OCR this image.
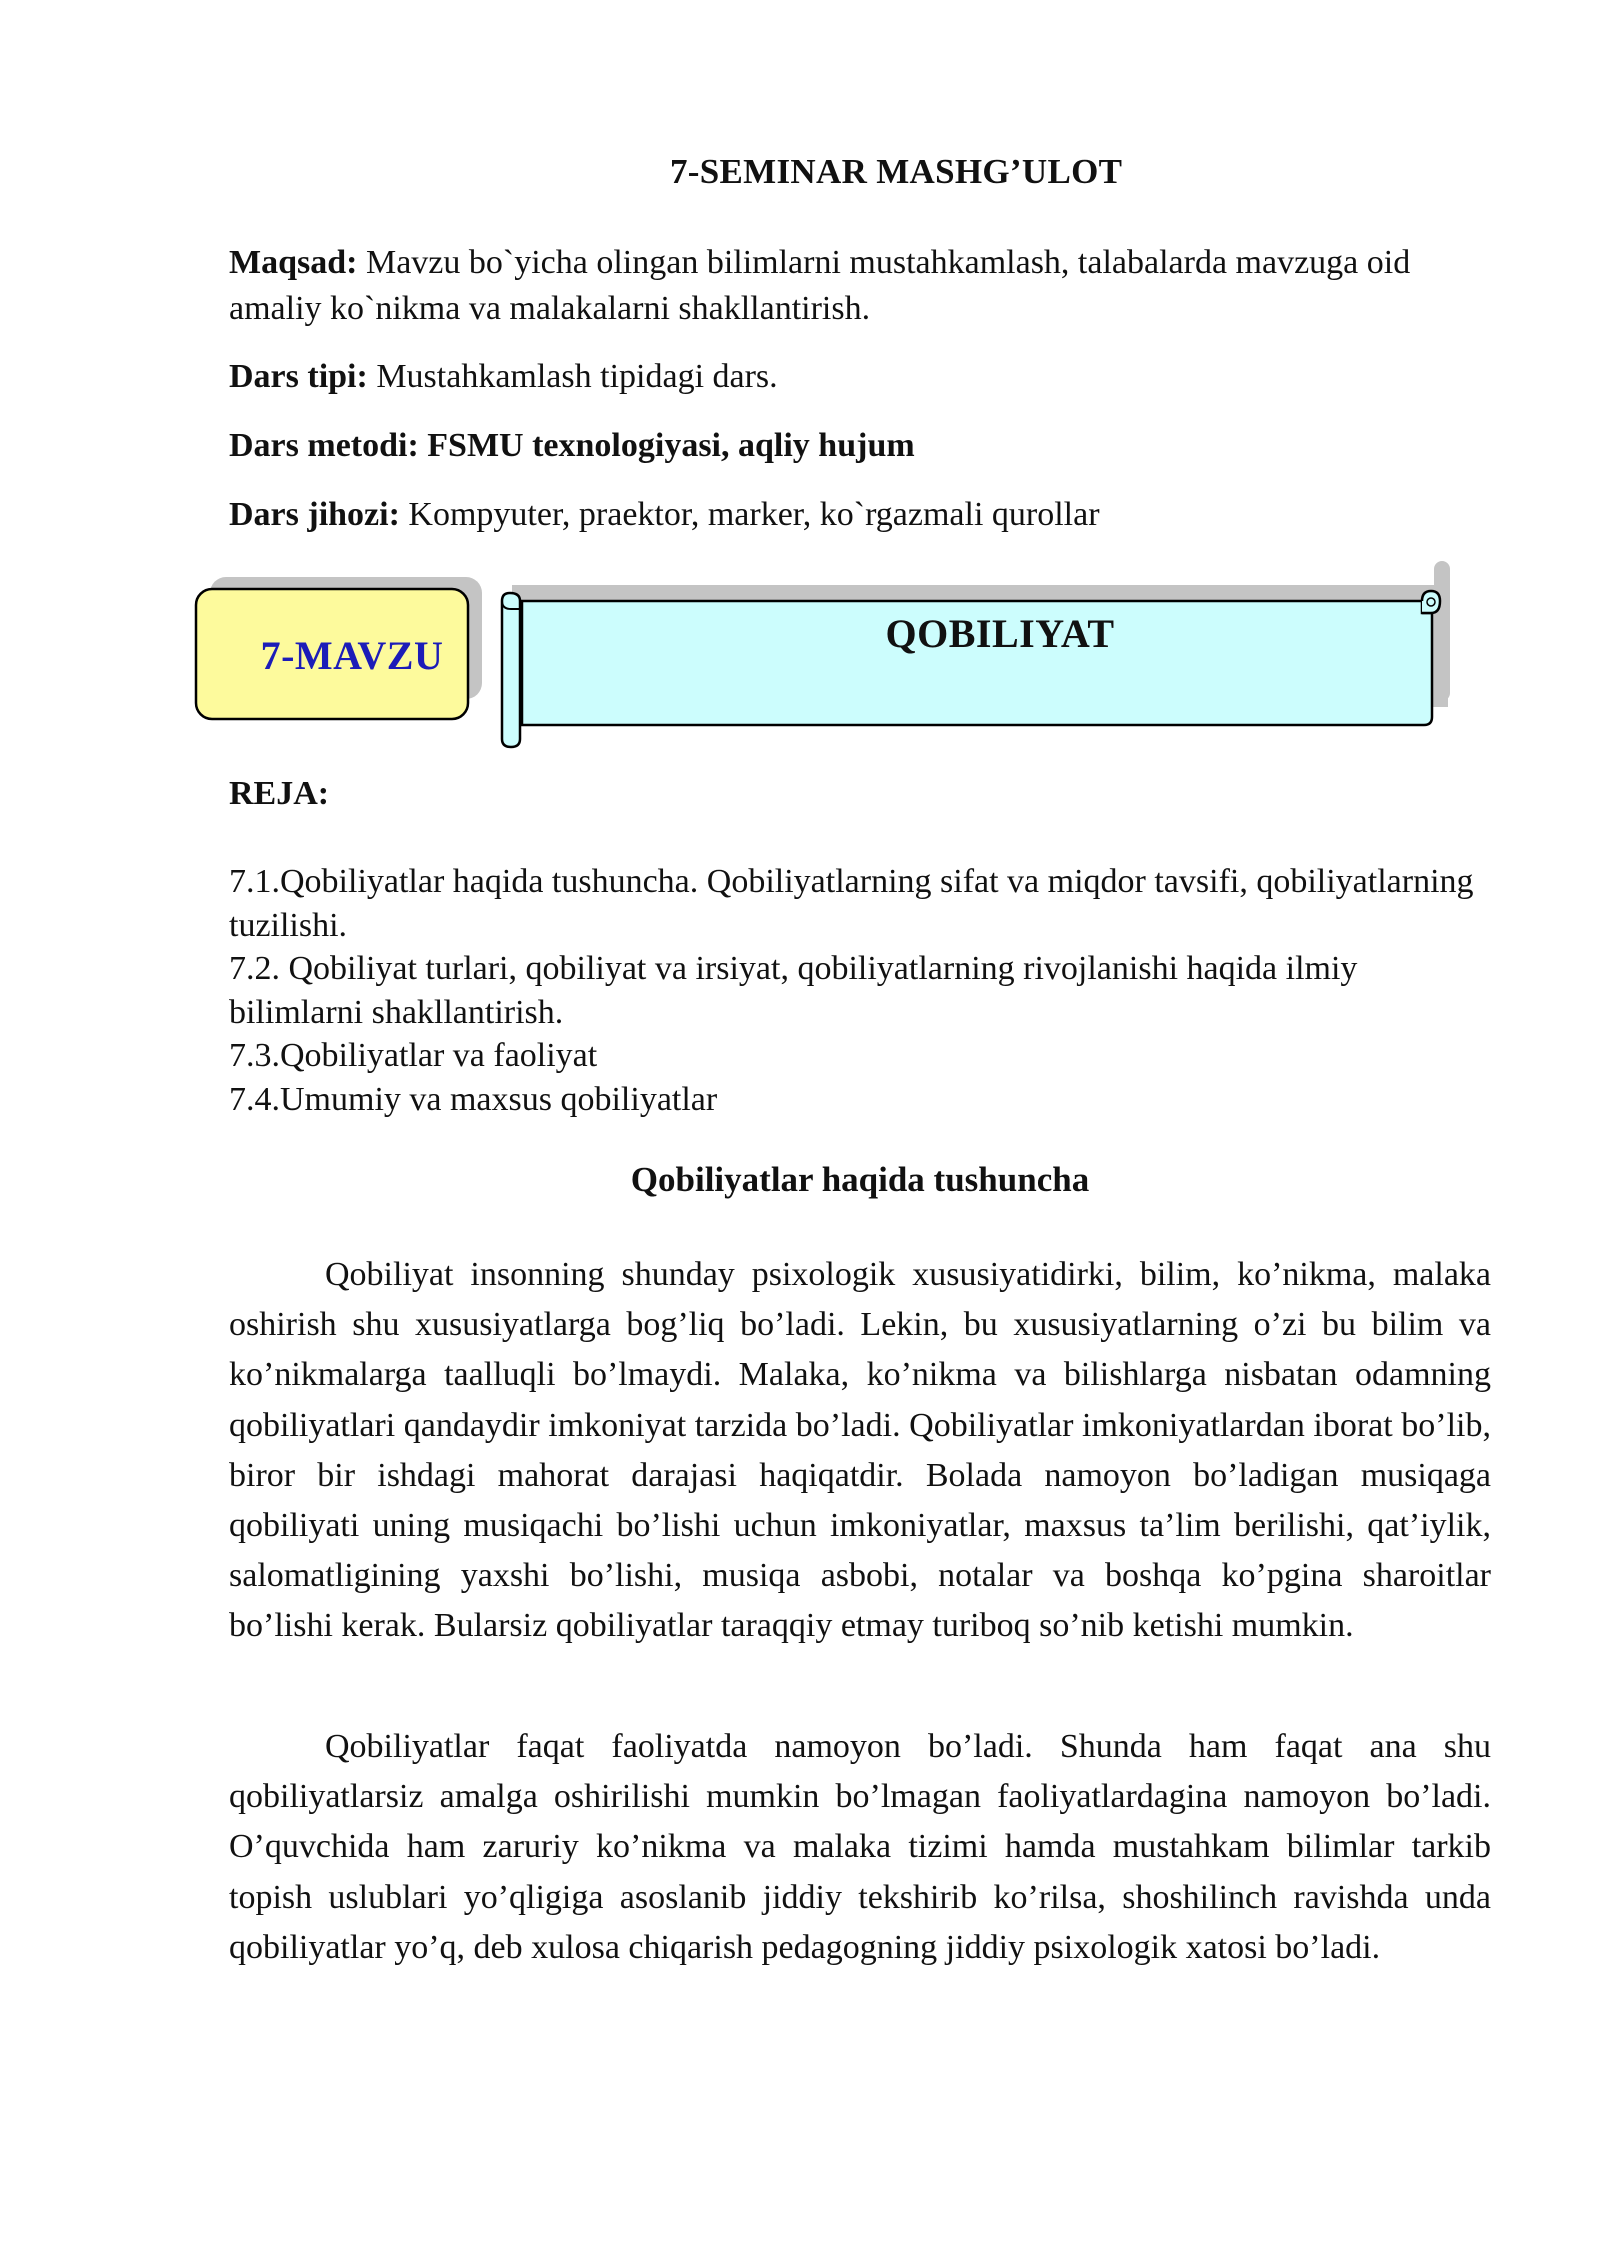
7-SEMINAR MASHG’ULOT
Maqsad: Mavzu bo`yicha olingan bilimlarni mustahkamlash, talabalarda mavzuga oid amaliy ko`nikma va malakalarni shakllantirish.
Dars tipi: Mustahkamlash tipidagi dars.
Dars metodi: FSMU texnologiyasi, aqliy hujum
Dars jihozi: Kompyuter, praektor, marker, ko`rgazmali qurollar
7-MAVZU	QOBILIYAT
REJA:
7.1.Qobiliyatlar haqida tushuncha. Qobiliyatlarning sifat va miqdor tavsifi, qobiliyatlarning tuzilishi.
7.2. Qobiliyat turlari, qobiliyat va irsiyat, qobiliyatlarning rivojlanishi haqida ilmiy bilimlarni shakllantirish.
7.3.Qobiliyatlar va faoliyat
7.4.Umumiy va maxsus qobiliyatlar
Qobiliyatlar haqida tushuncha
Qobiliyat insonning shunday psixologik xususiyatidirki, bilim, ko’nikma, malaka oshirish shu xususiyatlarga bog’liq bo’ladi. Lekin, bu xususiyatlarning o’zi bu bilim va ko’nikmalarga taalluqli bo’lmaydi. Malaka, ko’nikma va bilishlarga nisbatan odamning qobiliyatlari qandaydir imkoniyat tarzida bo’ladi. Qobiliyatlar imkoniyatlardan iborat bo’lib, biror bir ishdagi mahorat darajasi haqiqatdir. Bolada namoyon bo’ladigan musiqaga qobiliyati uning musiqachi bo’lishi uchun imkoniyatlar, maxsus ta’lim berilishi, qat’iylik, salomatligining yaxshi bo’lishi, musiqa asbobi, notalar va boshqa ko’pgina sharoitlar bo’lishi kerak. Bularsiz qobiliyatlar taraqqiy etmay turiboq so’nib ketishi mumkin.
Qobiliyatlar faqat faoliyatda namoyon bo’ladi. Shunda ham faqat ana shu qobiliyatlarsiz amalga oshirilishi mumkin bo’lmagan faoliyatlardagina namoyon bo’ladi. O’quvchida ham zaruriy ko’nikma va malaka tizimi hamda mustahkam bilimlar tarkib topish uslublari yo’qligiga asoslanib jiddiy tekshirib ko’rilsa, shoshilinch ravishda unda qobiliyatlar yo’q, deb xulosa chiqarish pedagogning jiddiy psixologik xatosi bo’ladi.
